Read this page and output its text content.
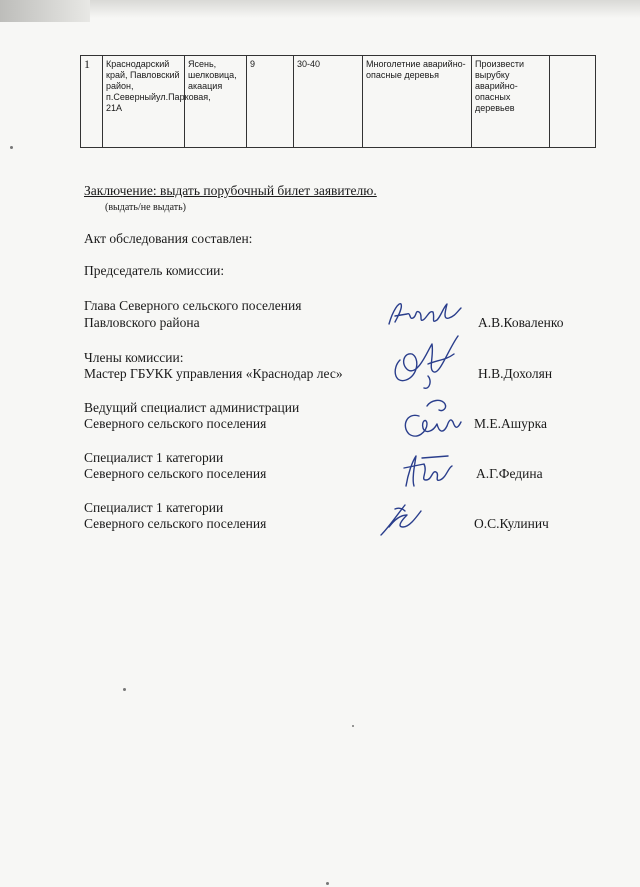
1	Краснодарский край, Павловский район, п.Северныйул.Парковая, 21А	Ясень, шелковица, акаация	9	30-40	Многолетние аварийно-опасные деревья	Произвести вырубку аварийно-опасных деревьев	
Заключение: выдать порубочный билет заявителю.
(выдать/не выдать)
Акт обследования составлен:
Председатель комиссии:
Глава Северного сельского поселения
Павловского района	А.В.Коваленко
Члены комиссии:
Мастер ГБУКК управления «Краснодар лес»	Н.В.Дохолян
Ведущий специалист администрации
Северного сельского поселения	М.Е.Ашурка
Специалист 1 категории
Северного сельского поселения	А.Г.Федина
Специалист 1 категории
Северного сельского поселения	О.С.Кулинич
